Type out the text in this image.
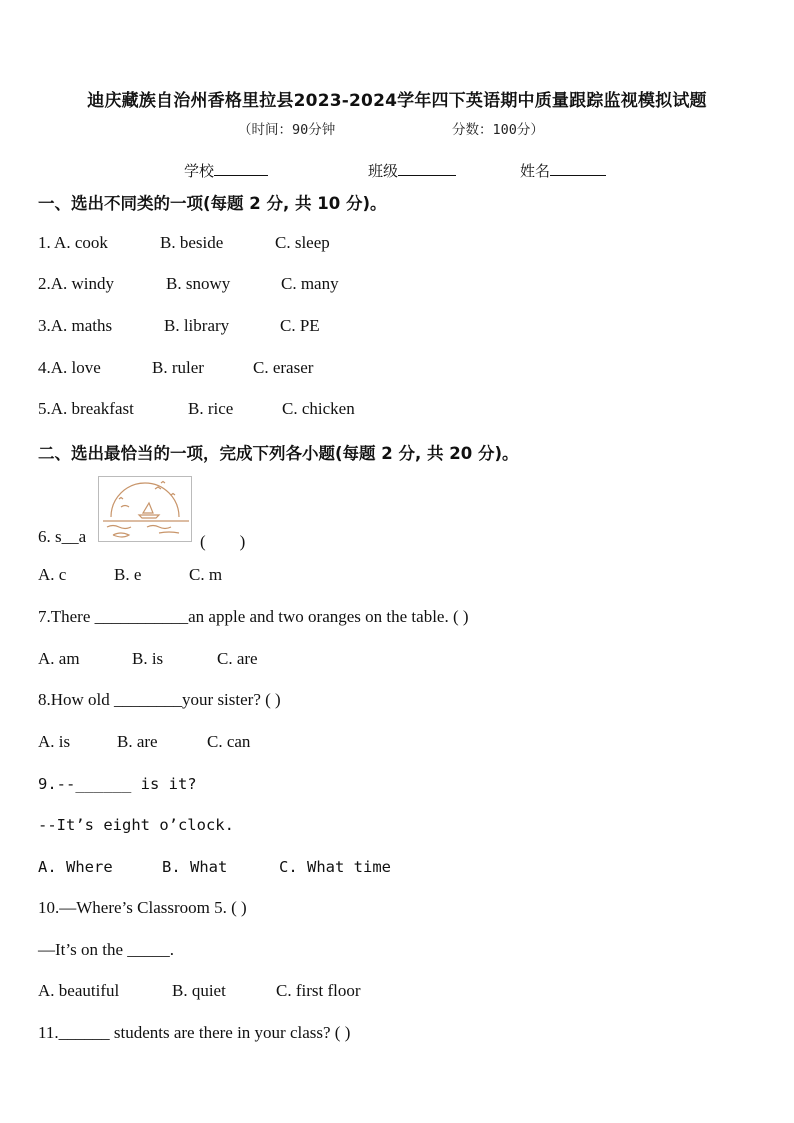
迪庆藏族自治州香格里拉县2023-2024学年四下英语期中质量跟踪监视模拟试题
（时间：90分钟	分数：100分）
学校	班级	姓名
一、选出不同类的一项(每题 2 分, 共 10 分)。
1. A. cook	B. beside	C. sleep
2.A. windy	B. snowy	C. many
3.A. maths	B. library	C. PE
4.A. love	B. ruler	C. eraser
5.A. breakfast	B. rice	C. chicken
二、选出最恰当的一项，完成下列各小题(每题 2 分, 共 20 分)。
6. s__a	(　　)
A. c	B. e	C. m
7.There ___________an apple and two oranges on the table. ( )
A. am	B. is	C. are
8.How old ________your sister? ( )
A. is	B. are	C. can
9.--______ is it?
--It’s eight o’clock.
A. Where	B. What	C. What time
10.—Where’s Classroom 5. ( )
—It’s on the _____.
A. beautiful	B. quiet	C. first floor
11.______ students are there in your class? ( )
